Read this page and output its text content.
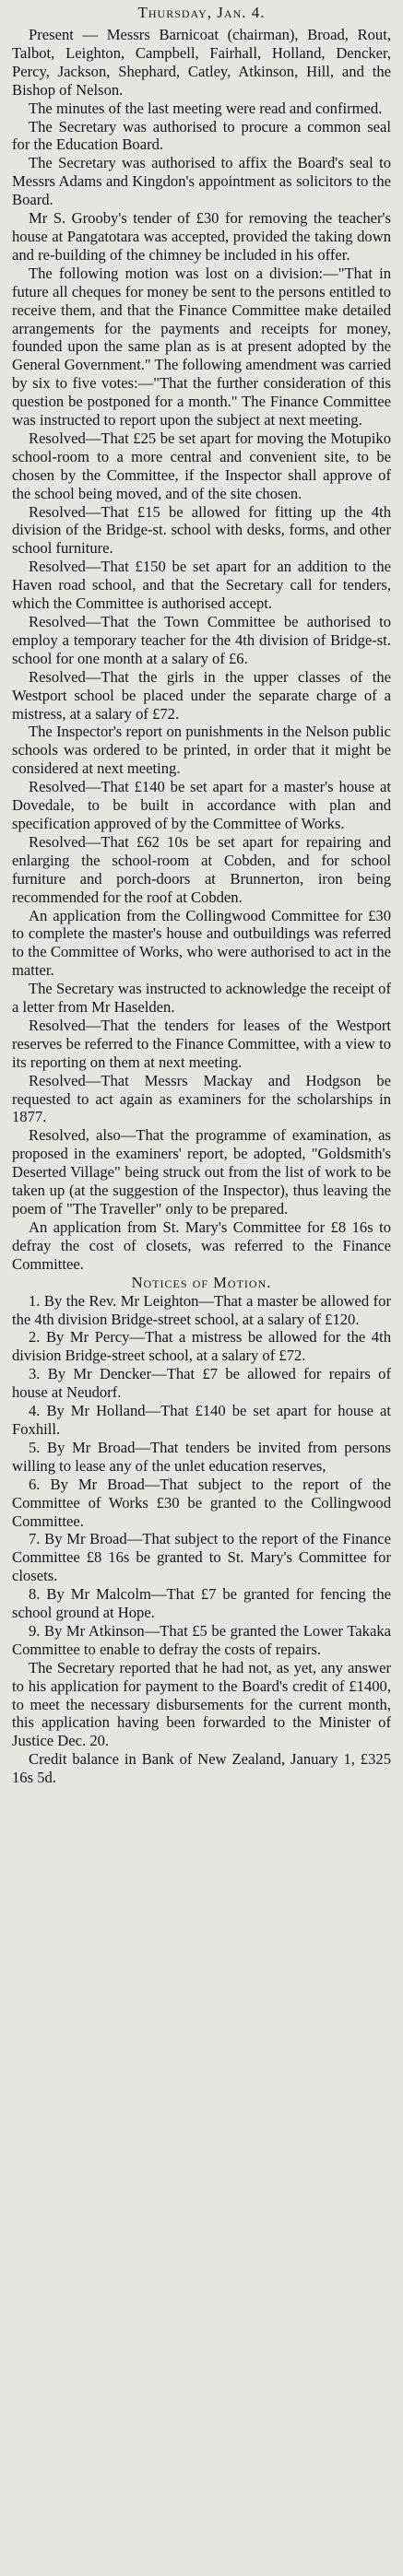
Thursday, Jan. 4.

Present — Messrs Barnicoat (chairman), Broad, Rout, Talbot, Leighton, Campbell, Fairhall, Holland, Dencker, Percy, Jackson, Shephard, Catley, Atkinson, Hill, and the Bishop of Nelson.

The minutes of the last meeting were read and confirmed.

The Secretary was authorised to procure a common seal for the Education Board.

The Secretary was authorised to affix the Board's seal to Messrs Adams and Kingdon's appointment as solicitors to the Board.

Mr S. Grooby's tender of £30 for removing the teacher's house at Pangatotara was accepted, provided the taking down and re-building of the chimney be included in his offer.

The following motion was lost on a division:—"That in future all cheques for money be sent to the persons entitled to receive them, and that the Finance Committee make detailed arrangements for the payments and receipts for money, founded upon the same plan as is at present adopted by the General Government." The following amendment was carried by six to five votes:—"That the further consideration of this question be postponed for a month." The Finance Committee was instructed to report upon the subject at next meeting.

Resolved—That £25 be set apart for moving the Motupiko school-room to a more central and convenient site, to be chosen by the Committee, if the Inspector shall approve of the school being moved, and of the site chosen.

Resolved—That £15 be allowed for fitting up the 4th division of the Bridge-st. school with desks, forms, and other school furniture.

Resolved—That £150 be set apart for an addition to the Haven road school, and that the Secretary call for tenders, which the Committee is authorised accept.

Resolved—That the Town Committee be authorised to employ a temporary teacher for the 4th division of Bridge-st. school for one month at a salary of £6.

Resolved—That the girls in the upper classes of the Westport school be placed under the separate charge of a mistress, at a salary of £72.

The Inspector's report on punishments in the Nelson public schools was ordered to be printed, in order that it might be considered at next meeting.

Resolved—That £140 be set apart for a master's house at Dovedale, to be built in accordance with plan and specification approved of by the Committee of Works.

Resolved—That £62 10s be set apart for repairing and enlarging the school-room at Cobden, and for school furniture and porch-doors at Brunnerton, iron being recommended for the roof at Cobden.

An application from the Collingwood Committee for £30 to complete the master's house and outbuildings was referred to the Committee of Works, who were authorised to act in the matter.

The Secretary was instructed to acknowledge the receipt of a letter from Mr Haselden.

Resolved—That the tenders for leases of the Westport reserves be referred to the Finance Committee, with a view to its reporting on them at next meeting.

Resolved—That Messrs Mackay and Hodgson be requested to act again as examiners for the scholarships in 1877.

Resolved, also—That the programme of examination, as proposed in the examiners' report, be adopted, "Goldsmith's Deserted Village" being struck out from the list of work to be taken up (at the suggestion of the Inspector), thus leaving the poem of "The Traveller" only to be prepared.

An application from St. Mary's Committee for £8 16s to defray the cost of closets, was referred to the Finance Committee.

Notices of Motion.

1. By the Rev. Mr Leighton—That a master be allowed for the 4th division Bridge-street school, at a salary of £120.

2. By Mr Percy—That a mistress be allowed for the 4th division Bridge-street school, at a salary of £72.

3. By Mr Dencker—That £7 be allowed for repairs of house at Neudorf.

4. By Mr Holland—That £140 be set apart for house at Foxhill.

5. By Mr Broad—That tenders be invited from persons willing to lease any of the unlet education reserves,

6. By Mr Broad—That subject to the report of the Committee of Works £30 be granted to the Collingwood Committee.

7. By Mr Broad—That subject to the report of the Finance Committee £8 16s be granted to St. Mary's Committee for closets.

8. By Mr Malcolm—That £7 be granted for fencing the school ground at Hope.

9. By Mr Atkinson—That £5 be granted the Lower Takaka Committee to enable to defray the costs of repairs.

The Secretary reported that he had not, as yet, any answer to his application for payment to the Board's credit of £1400, to meet the necessary disbursements for the current month, this application having been forwarded to the Minister of Justice Dec. 20.

Credit balance in Bank of New Zealand, January 1, £325 16s 5d.
